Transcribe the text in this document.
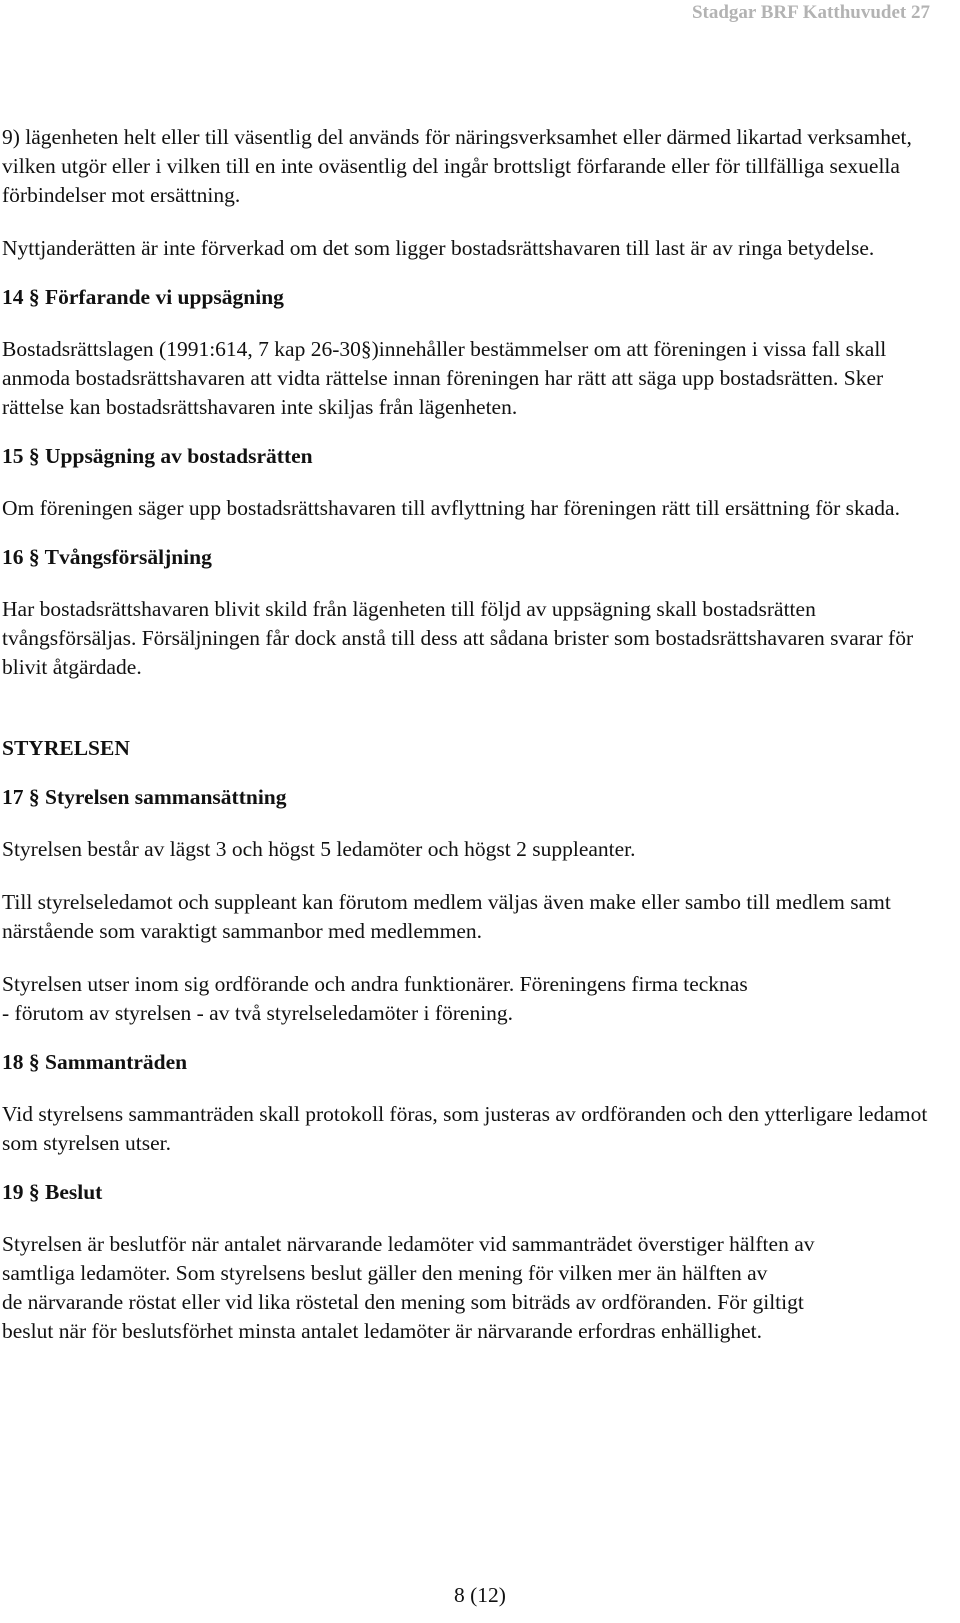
Stadgar BRF Katthuvudet 27

9) lägenheten helt eller till väsentlig del används för näringsverksamhet eller därmed likartad verksamhet, vilken utgör eller i vilken till en inte oväsentlig del ingår brottsligt förfarande eller för tillfälliga sexuella förbindelser mot ersättning.

Nyttjanderätten är inte förverkad om det som ligger bostadsrättshavaren till last är av ringa betydelse.

14 § Förfarande vi uppsägning

Bostadsrättslagen (1991:614, 7 kap 26-30§)innehåller bestämmelser om att föreningen i vissa fall skall anmoda bostadsrättshavaren att vidta rättelse innan föreningen har rätt att säga upp bostadsrätten. Sker rättelse kan bostadsrättshavaren inte skiljas från lägenheten.

15 § Uppsägning av bostadsrätten

Om föreningen säger upp bostadsrättshavaren till avflyttning har föreningen rätt till ersättning för skada.

16 § Tvångsförsäljning

Har bostadsrättshavaren blivit skild från lägenheten till följd av uppsägning skall bostadsrätten tvångsförsäljas. Försäljningen får dock anstå till dess att sådana brister som bostadsrättshavaren svarar för blivit åtgärdade.

STYRELSEN
17 § Styrelsen sammansättning

Styrelsen består av lägst 3 och högst 5 ledamöter och högst 2 suppleanter.

Till styrelseledamot och suppleant kan förutom medlem väljas även make eller sambo till medlem samt närstående som varaktigt sammanbor med medlemmen.

Styrelsen utser inom sig ordförande och andra funktionärer. Föreningens firma tecknas

- förutom av styrelsen - av två styrelseledamöter i förening.

18 § Sammanträden

Vid styrelsens sammanträden skall protokoll föras, som justeras av ordföranden och den ytterligare ledamot som styrelsen utser.

19 § Beslut

Styrelsen är beslutför när antalet närvarande ledamöter vid sammanträdet överstiger hälften av

samtliga ledamöter. Som styrelsens beslut gäller den mening för vilken mer än hälften av

de närvarande röstat eller vid lika röstetal den mening som biträds av ordföranden. För giltigt

beslut när för beslutsförhet minsta antalet ledamöter är närvarande erfordras enhällighet.

8 (12)
